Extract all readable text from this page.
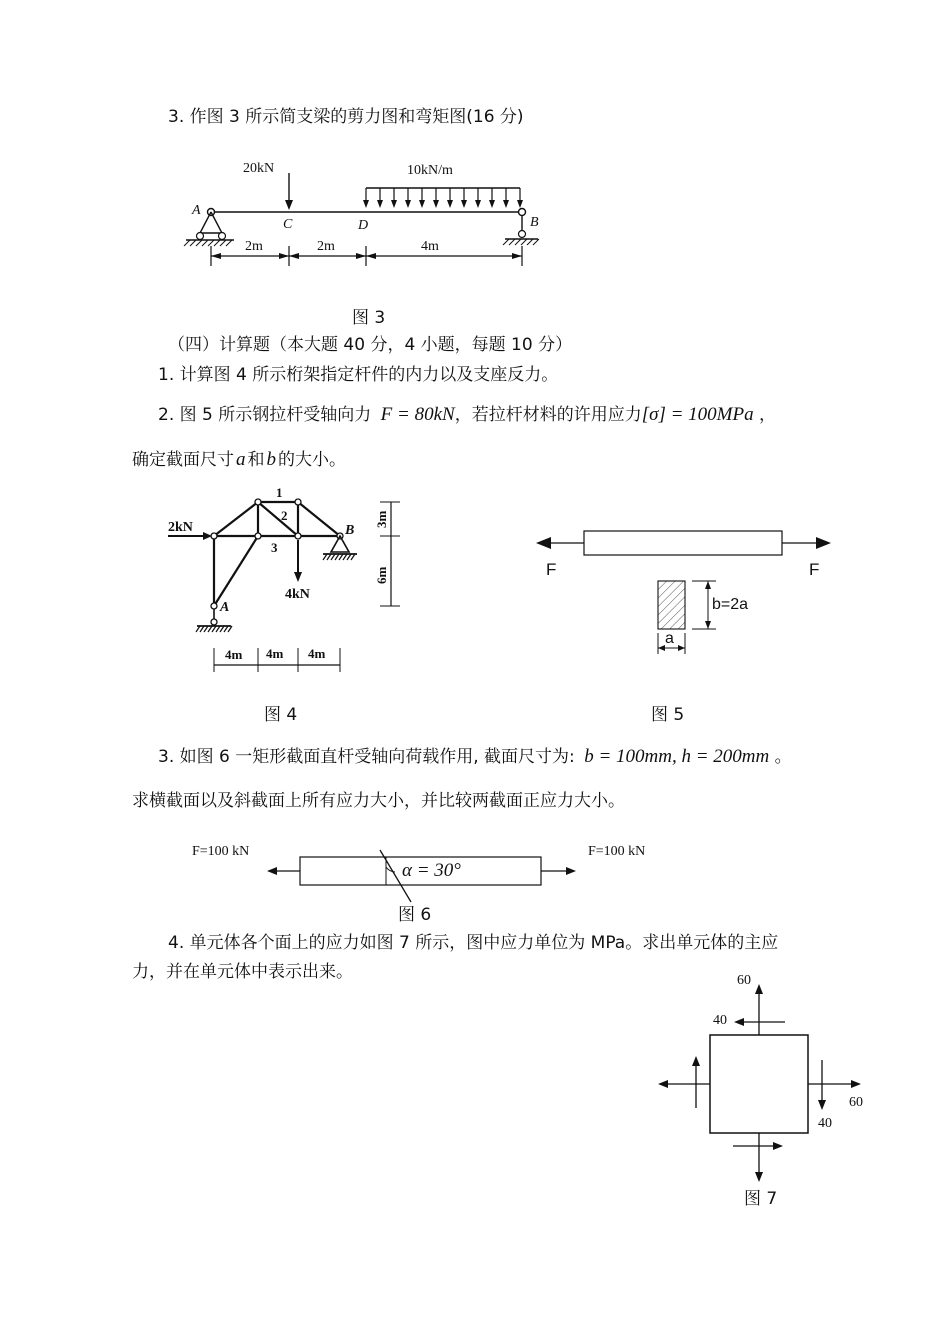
3. 作图 3 所示简支梁的剪力图和弯矩图(16 分)
20kN	10kN/m
A
C	D	B
2m	2m	4m
图 3
（四）计算题（本大题 40 分，4 小题，每题 10 分）
1. 计算图 4 所示桁架指定杆件的内力以及支座反力。
2. 图 5 所示钢拉杆受轴向力 F = 80kN，若拉杆材料的许用应力[σ] = 100MPa ，
确定截面尺寸 a 和 b 的大小。
2kN
4kN
1
2
3
A
B
3m
6m
4m 4m 4m
图 4
F	F
b=2a
a
图 5
3. 如图 6 一矩形截面直杆受轴向荷载作用, 截面尺寸为: b = 100mm, h = 200mm 。
求横截面以及斜截面上所有应力大小，并比较两截面正应力大小。
F=100 kN	F=100 kN
α = 30°
图 6
4. 单元体各个面上的应力如图 7 所示，图中应力单位为 MPa。求出单元体的主应
力，并在单元体中表示出来。	60
40
60
40
图 7
